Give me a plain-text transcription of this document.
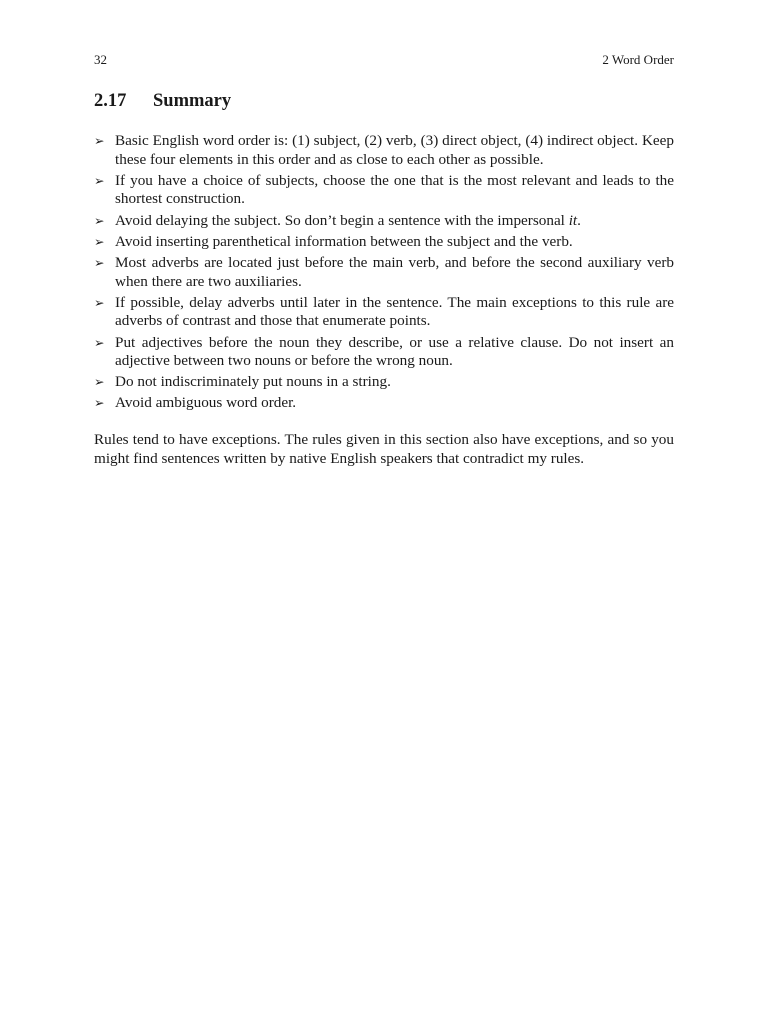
32	2 Word Order
2.17	Summary
➢ Basic English word order is: (1) subject, (2) verb, (3) direct object, (4) indirect object. Keep these four elements in this order and as close to each other as possible.
➢ If you have a choice of subjects, choose the one that is the most relevant and leads to the shortest construction.
➢ Avoid delaying the subject. So don’t begin a sentence with the impersonal it.
➢ Avoid inserting parenthetical information between the subject and the verb.
➢ Most adverbs are located just before the main verb, and before the second auxiliary verb when there are two auxiliaries.
➢ If possible, delay adverbs until later in the sentence. The main exceptions to this rule are adverbs of contrast and those that enumerate points.
➢ Put adjectives before the noun they describe, or use a relative clause. Do not insert an adjective between two nouns or before the wrong noun.
➢ Do not indiscriminately put nouns in a string.
➢ Avoid ambiguous word order.

Rules tend to have exceptions. The rules given in this section also have exceptions, and so you might find sentences written by native English speakers that contradict my rules.
